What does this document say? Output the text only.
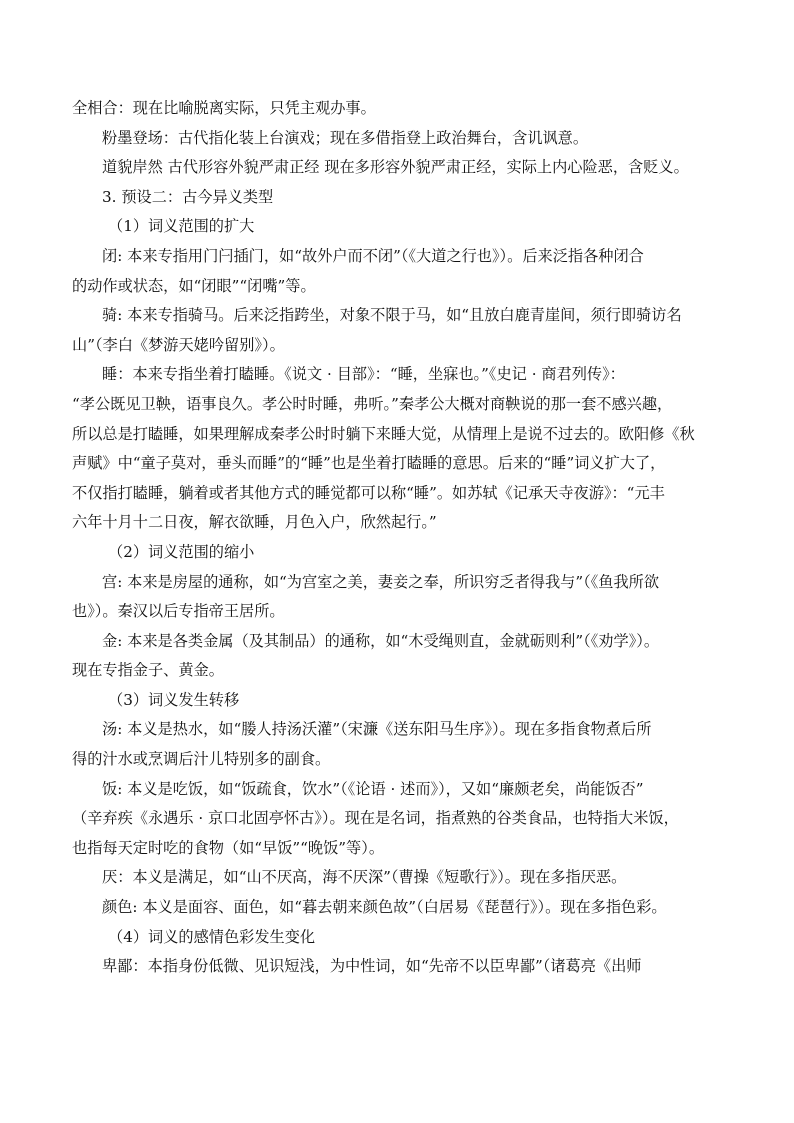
全相合：现在比喻脱离实际，只凭主观办事。
粉墨登场：古代指化装上台演戏；现在多借指登上政治舞台，含讥讽意。
道貌岸然 古代形容外貌严肃正经 现在多形容外貌严肃正经，实际上内心险恶，含贬义。
3. 预设二：古今异义类型
（1）词义范围的扩大
闭: 本来专指用门闩插门，如“故外户而不闭”（《大道之行也》）。后来泛指各种闭合
的动作或状态，如“闭眼”“闭嘴”等。
骑: 本来专指骑马。后来泛指跨坐，对象不限于马，如“且放白鹿青崖间，须行即骑访名
山”（李白《梦游天姥吟留别》）。
睡：本来专指坐着打瞌睡。《说文 · 目部》：“睡，坐寐也。”《史记 · 商君列传》：
“孝公既见卫鞅，语事良久。孝公时时睡，弗听。”秦孝公大概对商鞅说的那一套不感兴趣，
所以总是打瞌睡，如果理解成秦孝公时时躺下来睡大觉，从情理上是说不过去的。欧阳修《秋
声赋》中“童子莫对，垂头而睡”的“睡”也是坐着打瞌睡的意思。后来的“睡”词义扩大了，
不仅指打瞌睡，躺着或者其他方式的睡觉都可以称“睡”。如苏轼《记承天寺夜游》：“元丰
六年十月十二日夜，解衣欲睡，月色入户，欣然起行。”
（2）词义范围的缩小
宫: 本来是房屋的通称，如“为宫室之美，妻妾之奉，所识穷乏者得我与”（《鱼我所欲
也》）。秦汉以后专指帝王居所。
金: 本来是各类金属（及其制品）的通称，如“木受绳则直，金就砺则利”（《劝学》）。
现在专指金子、黄金。
（3）词义发生转移
汤: 本义是热水，如“媵人持汤沃灌”（宋濂《送东阳马生序》）。现在多指食物煮后所
得的汁水或烹调后汁儿特别多的副食。
饭: 本义是吃饭，如“饭疏食，饮水”（《论语 · 述而》），又如“廉颇老矣，尚能饭否”
（辛弃疾《永遇乐 · 京口北固亭怀古》）。现在是名词，指煮熟的谷类食品，也特指大米饭，
也指每天定时吃的食物（如“早饭”“晚饭”等）。
厌：本义是满足，如“山不厌高，海不厌深”（曹操《短歌行》）。现在多指厌恶。
颜色: 本义是面容、面色，如“暮去朝来颜色故”（白居易《琵琶行》）。现在多指色彩。
（4）词义的感情色彩发生变化
卑鄙：本指身份低微、见识短浅，为中性词，如“先帝不以臣卑鄙”（诸葛亮《出师
